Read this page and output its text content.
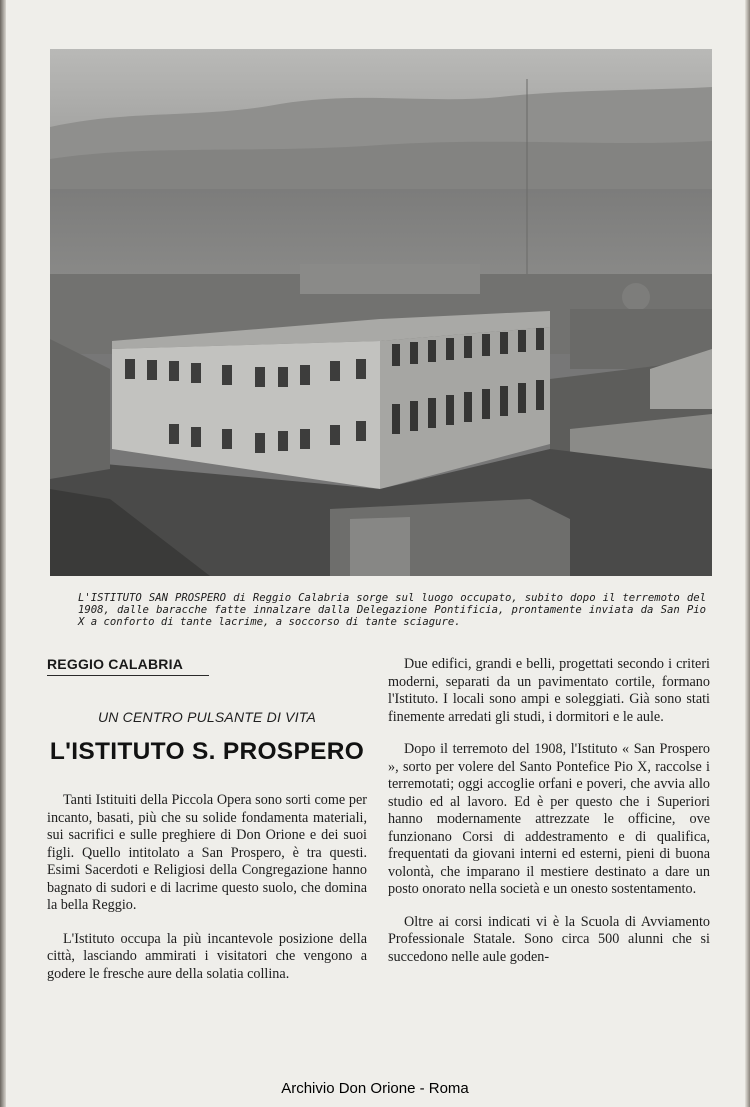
L'ISTITUTO SAN PROSPERO di Reggio Calabria sorge sul luogo occupato, subito dopo il terremoto del 1908, dalle baracche fatte innalzare dalla Delegazione Pontificia, prontamente inviata da San Pio X a conforto di tante lacrime, a soccorso di tante sciagure.
REGGIO CALABRIA
UN CENTRO PULSANTE DI VITA
L'ISTITUTO S. PROSPERO

Tanti Istituiti della Piccola Opera sono sorti come per incanto, basati, più che su solide fondamenta materiali, sui sacrifici e sulle preghiere di Don Orione e dei suoi figli. Quello intitolato a San Prospero, è tra questi. Esimi Sacerdoti e Religiosi della Congregazione hanno bagnato di sudori e di lacrime questo suolo, che domina la bella Reggio.

L'Istituto occupa la più incantevole posizione della città, lasciando ammirati i visitatori che vengono a godere le fresche aure della solatia collina.

Due edifici, grandi e belli, progettati secondo i criteri moderni, separati da un pavimentato cortile, formano l'Istituto. I locali sono ampi e soleggiati. Già sono stati finemente arredati gli studi, i dormitori e le aule.

Dopo il terremoto del 1908, l'Istituto « San Prospero », sorto per volere del Santo Pontefice Pio X, raccolse i terremotati; oggi accoglie orfani e poveri, che avvia allo studio ed al lavoro. Ed è per questo che i Superiori hanno modernamente attrezzate le officine, ove funzionano Corsi di addestramento e di qualifica, frequentati da giovani interni ed esterni, pieni di buona volontà, che imparano il mestiere destinato a dare un posto onorato nella società e un onesto sostentamento.

Oltre ai corsi indicati vi è la Scuola di Avviamento Professionale Statale. Sono circa 500 alunni che si succedono nelle aule goden-

Archivio Don Orione - Roma
